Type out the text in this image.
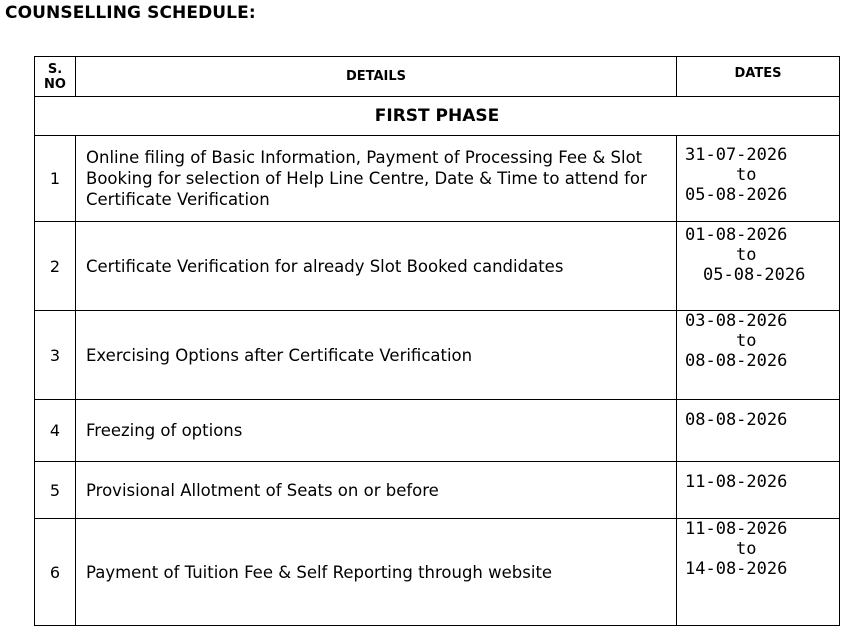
COUNSELLING SCHEDULE:
S.
NO	DETAILS	DATES
FIRST PHASE		
1	Online filing of Basic Information, Payment of Processing Fee & Slot Booking for selection of Help Line Centre, Date & Time to attend for Certificate Verification	31-07-2026
to
05-08-2026

2	Certificate Verification for already Slot Booked candidates	01-08-2026
to
05-08-2026

3	Exercising Options after Certificate Verification	03-08-2026
to
08-08-2026

4	Freezing of options	08-08-2026

5	Provisional Allotment of Seats on or before	11-08-2026

6	Payment of Tuition Fee & Self Reporting through website	11-08-2026
to
14-08-2026
